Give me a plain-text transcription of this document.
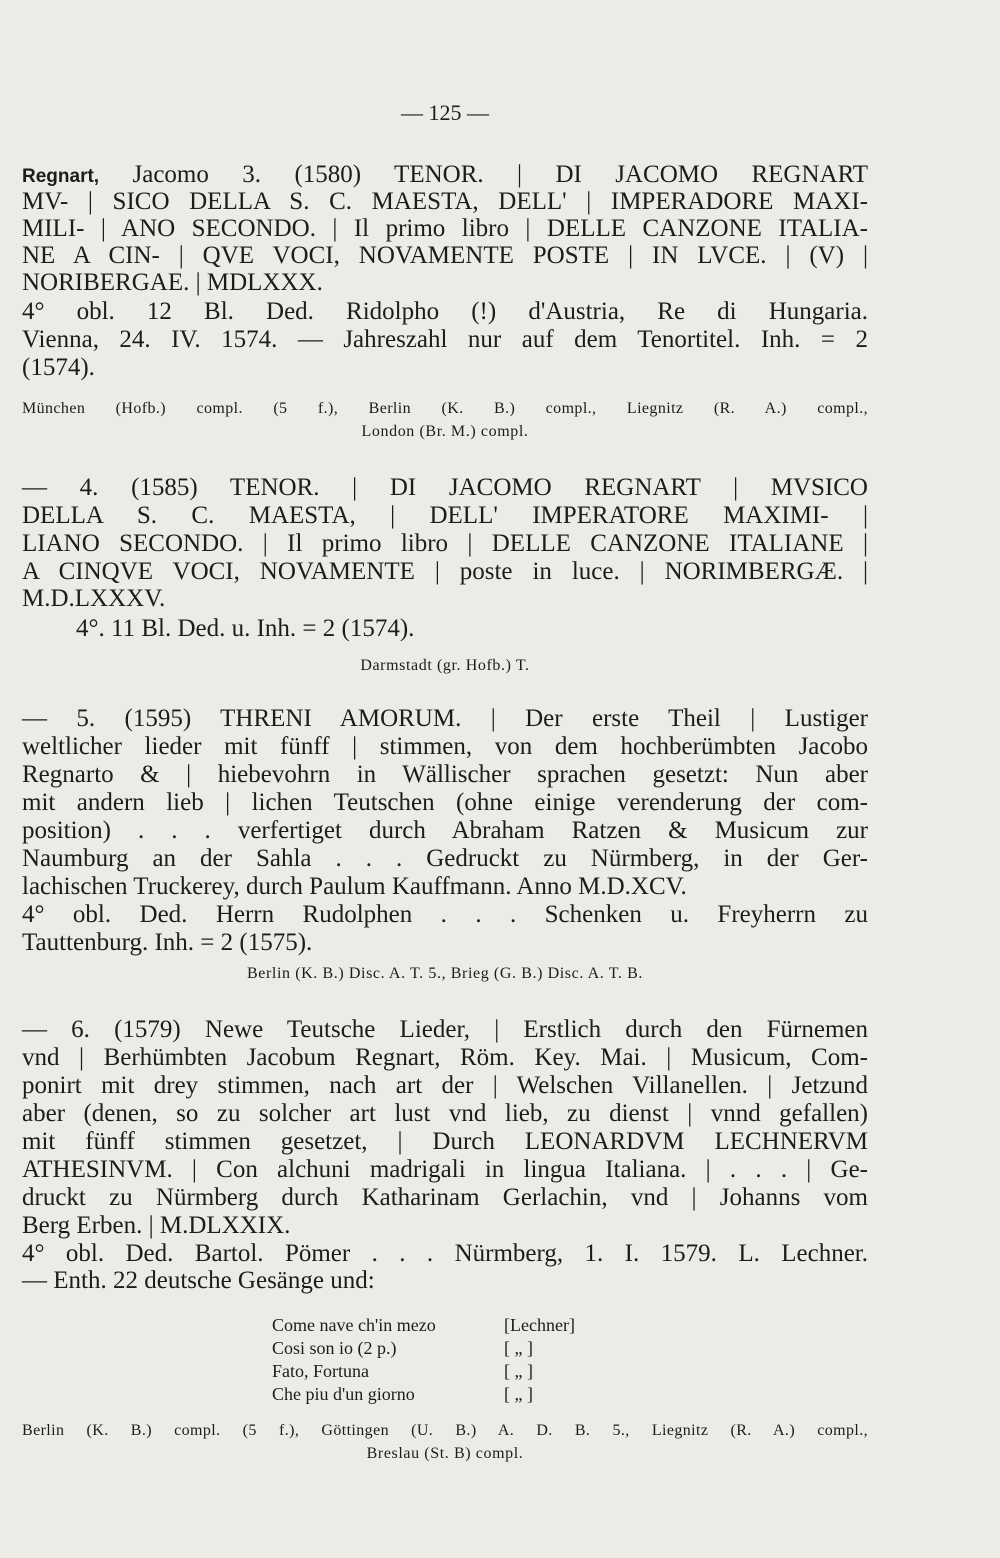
— 125 —
Regnart, Jacomo 3. (1580) TENOR. | DI JACOMO REGNART
MV- | SICO DELLA S. C. MAESTA, DELL' | IMPERADORE MAXI-
MILI- | ANO SECONDO. | Il primo libro | DELLE CANZONE ITALIA-
NE A CIN- | QVE VOCI, NOVAMENTE POSTE | IN LVCE. | (V) |
NORIBERGAE. | MDLXXX.
4° obl. 12 Bl. Ded. Ridolpho (!) d'Austria, Re di Hungaria.
Vienna, 24. IV. 1574. — Jahreszahl nur auf dem Tenortitel. Inh. = 2
(1574).
München (Hofb.) compl. (5 f.), Berlin (K. B.) compl., Liegnitz (R. A.) compl.,
London (Br. M.) compl.
— 4. (1585) TENOR. | DI JACOMO REGNART | MVSICO
DELLA S. C. MAESTA, | DELL' IMPERATORE MAXIMI- |
LIANO SECONDO. | Il primo libro | DELLE CANZONE ITALIANE |
A CINQVE VOCI, NOVAMENTE | poste in luce. | NORIMBERGÆ. |
M.D.LXXXV.
4°. 11 Bl. Ded. u. Inh. = 2 (1574).
Darmstadt (gr. Hofb.) T.
— 5. (1595) THRENI AMORUM. | Der erste Theil | Lustiger
weltlicher lieder mit fünff | stimmen, von dem hochberümbten Jacobo
Regnarto & | hiebevohrn in Wällischer sprachen gesetzt: Nun aber
mit andern lieb | lichen Teutschen (ohne einige verenderung der com-
position) . . . verfertiget durch Abraham Ratzen & Musicum zur
Naumburg an der Sahla . . . Gedruckt zu Nürmberg, in der Ger-
lachischen Truckerey, durch Paulum Kauffmann. Anno M.D.XCV.
4° obl. Ded. Herrn Rudolphen . . . Schenken u. Freyherrn zu
Tauttenburg. Inh. = 2 (1575).
Berlin (K. B.) Disc. A. T. 5., Brieg (G. B.) Disc. A. T. B.
— 6. (1579) Newe Teutsche Lieder, | Erstlich durch den Fürnemen
vnd | Berhümbten Jacobum Regnart, Röm. Key. Mai. | Musicum, Com-
ponirt mit drey stimmen, nach art der | Welschen Villanellen. | Jetzund
aber (denen, so zu solcher art lust vnd lieb, zu dienst | vnnd gefallen)
mit fünff stimmen gesetzet, | Durch LEONARDVM LECHNERVM
ATHESINVM. | Con alchuni madrigali in lingua Italiana. | . . . | Ge-
druckt zu Nürmberg durch Katharinam Gerlachin, vnd | Johanns vom
Berg Erben. | M.DLXXIX.
4° obl. Ded. Bartol. Pömer . . . Nürmberg, 1. I. 1579. L. Lechner.
— Enth. 22 deutsche Gesänge und:
Come nave ch'in mezo	[Lechner]
Cosi son io (2 p.)	[ „ ]
Fato, Fortuna	[ „ ]
Che piu d'un giorno	[ „ ]
Berlin (K. B.) compl. (5 f.), Göttingen (U. B.) A. D. B. 5., Liegnitz (R. A.) compl.,
Breslau (St. B) compl.
